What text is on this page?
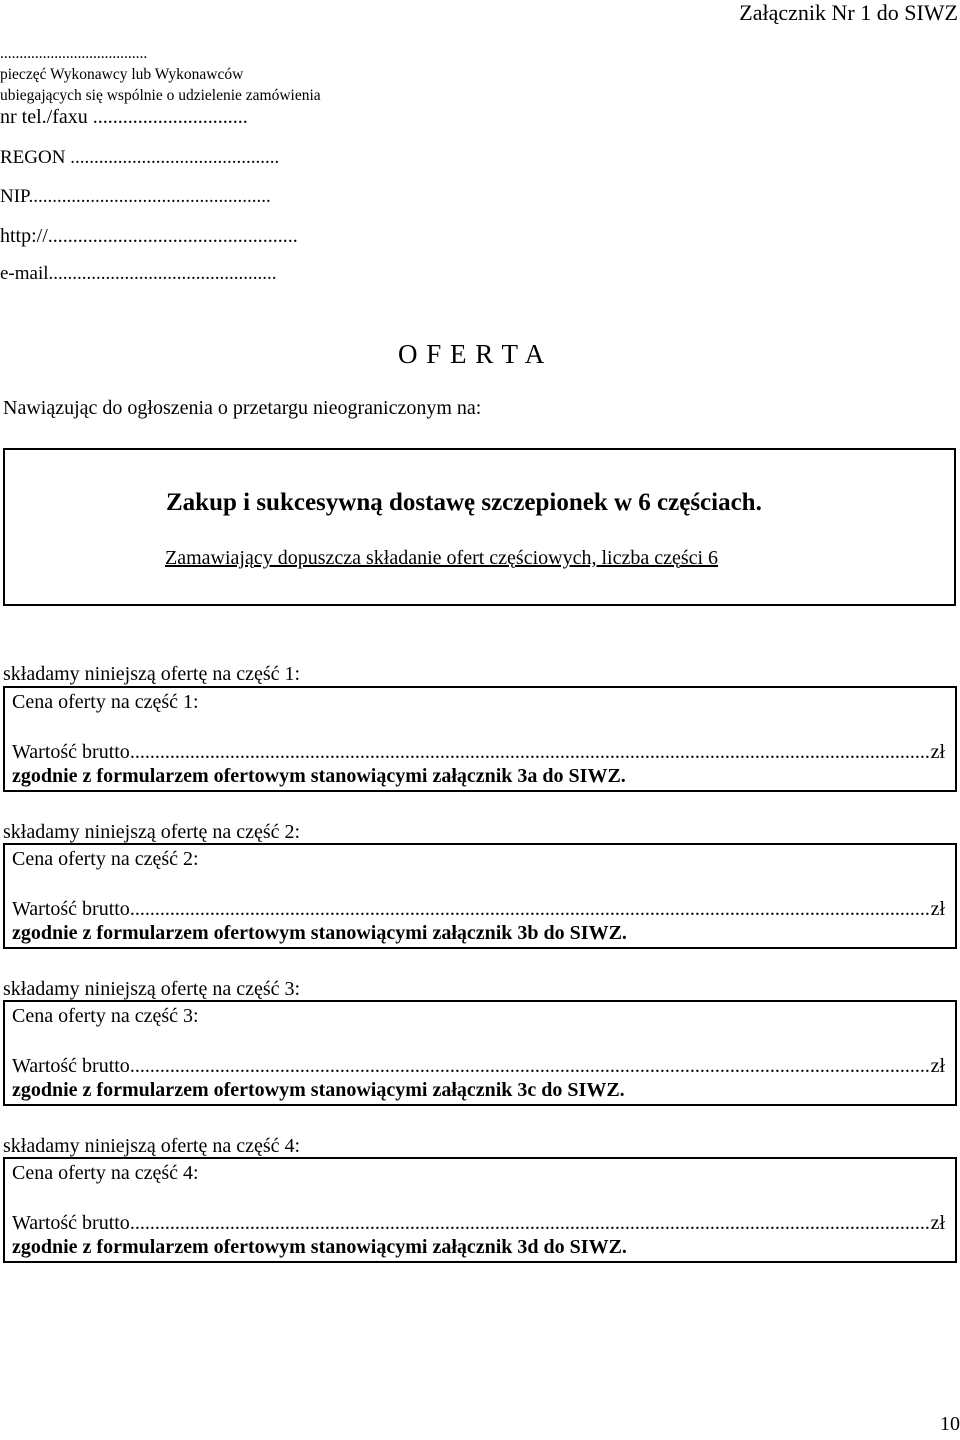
Załącznik Nr 1 do SIWZ
......................................
pieczęć Wykonawcy lub Wykonawców
ubiegających się wspólnie o udzielenie zamówienia
nr tel./faxu ...............................
REGON ............................................
NIP...................................................
http://..................................................
e-mail................................................
O F E R T A
Nawiązując do ogłoszenia o przetargu nieograniczonym na:
Zakup i sukcesywną dostawę szczepionek w 6 częściach.
Zamawiający dopuszcza składanie ofert częściowych, liczba części 6
składamy niniejszą ofertę na część 1:
Cena oferty na część 1:
Wartość brutto .....	zł
zgodnie z formularzem ofertowym stanowiącymi załącznik 3a do SIWZ.
składamy niniejszą ofertę na część 2:
Cena oferty na część 2:
Wartość brutto .....	zł
zgodnie z formularzem ofertowym stanowiącymi załącznik 3b do SIWZ.
składamy niniejszą ofertę na część 3:
Cena oferty na część 3:
Wartość brutto .....	zł
zgodnie z formularzem ofertowym stanowiącymi załącznik 3c do SIWZ.
składamy niniejszą ofertę na część 4:
Cena oferty na część 4:
Wartość brutto .....	zł
zgodnie z formularzem ofertowym stanowiącymi załącznik 3d do SIWZ.
10
